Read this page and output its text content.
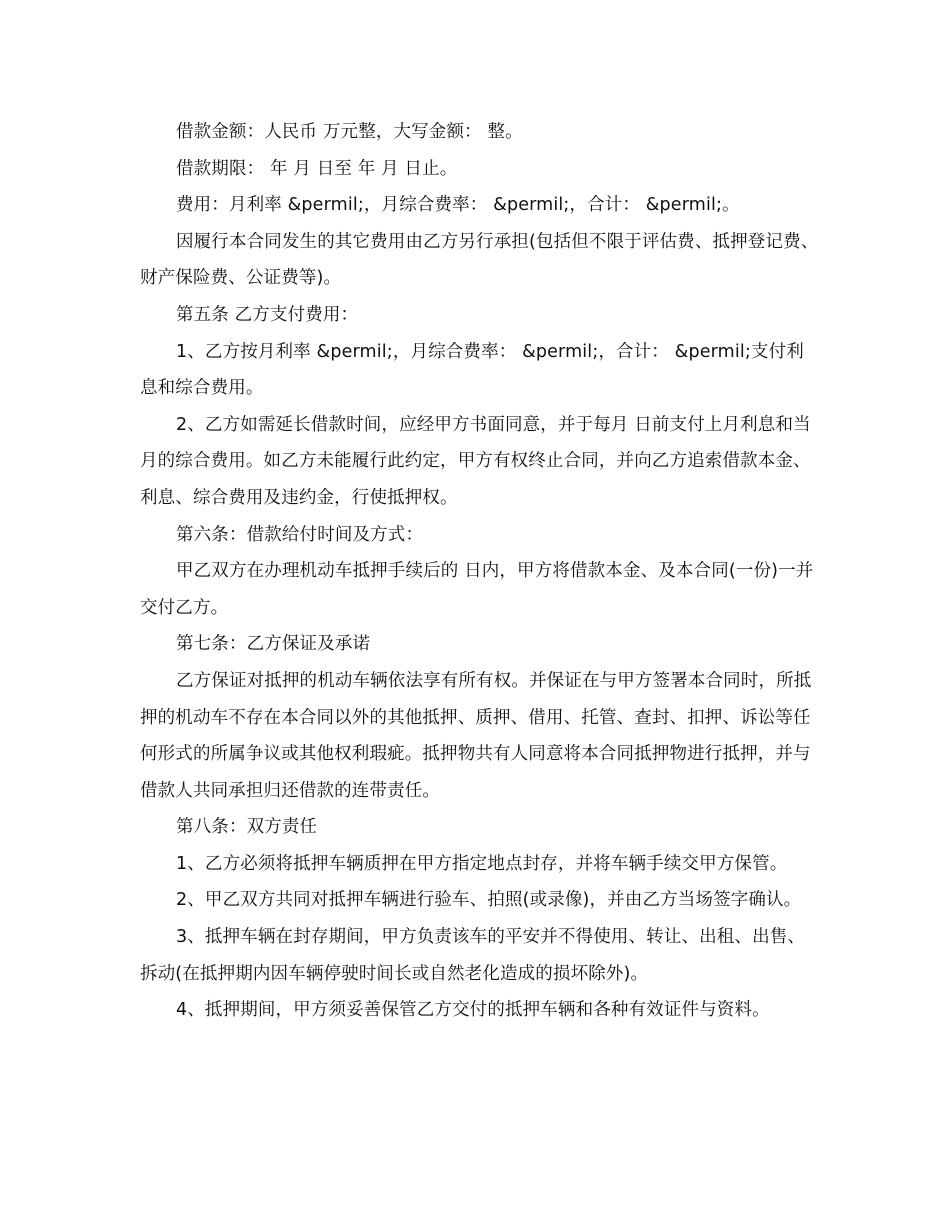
借款金额：人民币 万元整，大写金额： 整。

借款期限： 年 月 日至 年 月 日止。

费用：月利率 &permil;，月综合费率： &permil;，合计： &permil;。

因履行本合同发生的其它费用由乙方另行承担(包括但不限于评估费、抵押登记费、财产保险费、公证费等)。

第五条 乙方支付费用：

1、乙方按月利率 &permil;，月综合费率： &permil;，合计： &permil;支付利息和综合费用。

2、乙方如需延长借款时间，应经甲方书面同意，并于每月 日前支付上月利息和当月的综合费用。如乙方未能履行此约定，甲方有权终止合同，并向乙方追索借款本金、利息、综合费用及违约金，行使抵押权。

第六条：借款给付时间及方式：

甲乙双方在办理机动车抵押手续后的 日内，甲方将借款本金、及本合同(一份)一并交付乙方。

第七条：乙方保证及承诺

乙方保证对抵押的机动车辆依法享有所有权。并保证在与甲方签署本合同时，所抵押的机动车不存在本合同以外的其他抵押、质押、借用、托管、查封、扣押、诉讼等任何形式的所属争议或其他权利瑕疵。抵押物共有人同意将本合同抵押物进行抵押，并与借款人共同承担归还借款的连带责任。

第八条：双方责任

1、乙方必须将抵押车辆质押在甲方指定地点封存，并将车辆手续交甲方保管。

2、甲乙双方共同对抵押车辆进行验车、拍照(或录像)，并由乙方当场签字确认。

3、抵押车辆在封存期间，甲方负责该车的平安并不得使用、转让、出租、出售、拆动(在抵押期内因车辆停驶时间长或自然老化造成的损坏除外)。

4、抵押期间，甲方须妥善保管乙方交付的抵押车辆和各种有效证件与资料。
